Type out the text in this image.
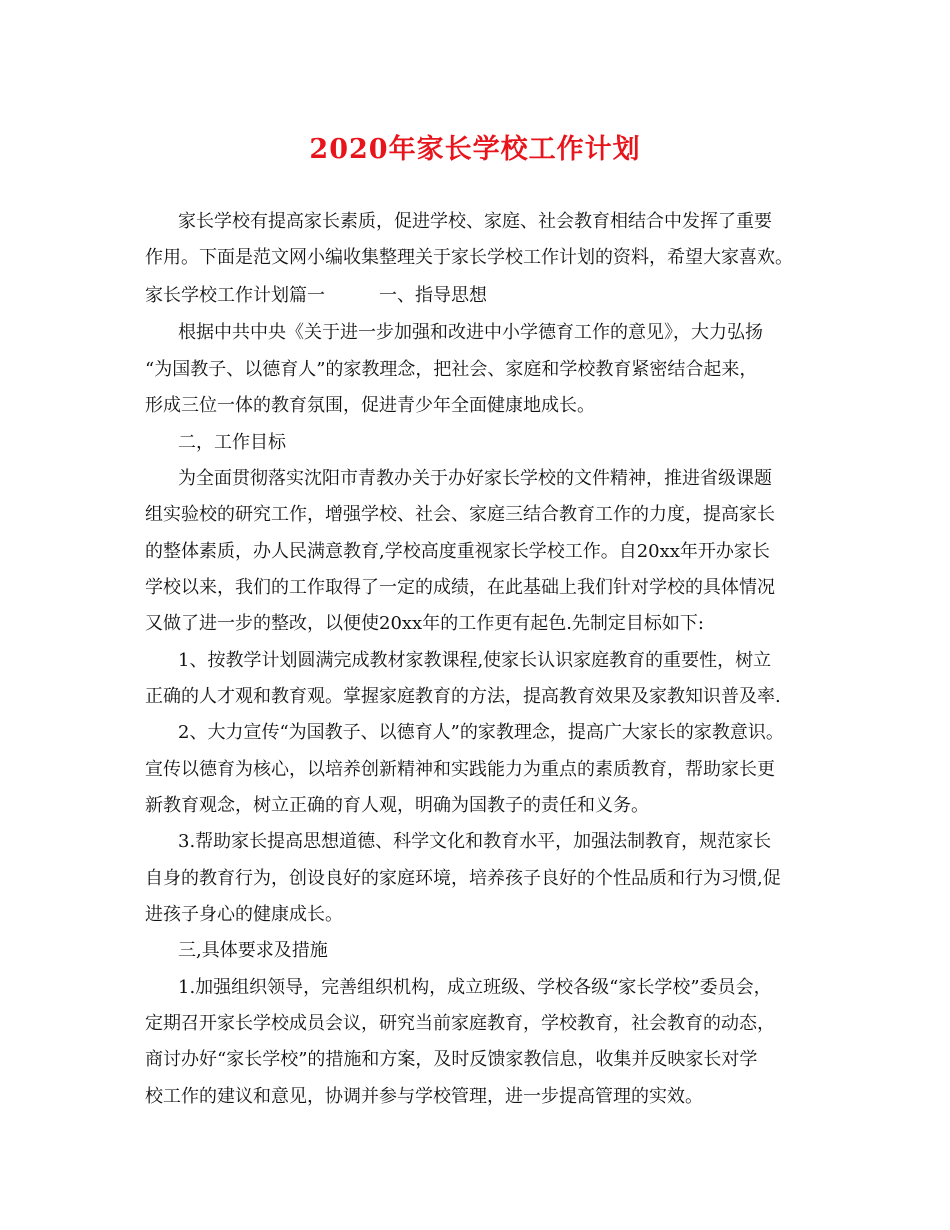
2020年家长学校工作计划

家长学校有提高家长素质，促进学校、家庭、社会教育相结合中发挥了重要

作用。下面是范文网小编收集整理关于家长学校工作计划的资料，希望大家喜欢。

家长学校工作计划篇一　　　一、指导思想

根据中共中央《关于进一步加强和改进中小学德育工作的意见》，大力弘扬

“为国教子、以德育人”的家教理念，把社会、家庭和学校教育紧密结合起来，

形成三位一体的教育氛围，促进青少年全面健康地成长。

二，工作目标

为全面贯彻落实沈阳市青教办关于办好家长学校的文件精神，推进省级课题

组实验校的研究工作，增强学校、社会、家庭三结合教育工作的力度，提高家长

的整体素质，办人民满意教育,学校高度重视家长学校工作。自20xx年开办家长

学校以来，我们的工作取得了一定的成绩，在此基础上我们针对学校的具体情况

又做了进一步的整改，以便使20xx年的工作更有起色.先制定目标如下:

1、按教学计划圆满完成教材家教课程,使家长认识家庭教育的重要性，树立

正确的人才观和教育观。掌握家庭教育的方法，提高教育效果及家教知识普及率.

2、大力宣传“为国教子、以德育人”的家教理念，提高广大家长的家教意识。

宣传以德育为核心，以培养创新精神和实践能力为重点的素质教育，帮助家长更

新教育观念，树立正确的育人观，明确为国教子的责任和义务。

3.帮助家长提高思想道德、科学文化和教育水平，加强法制教育，规范家长

自身的教育行为，创设良好的家庭环境，培养孩子良好的个性品质和行为习惯,促

进孩子身心的健康成长。

三,具体要求及措施

1.加强组织领导，完善组织机构，成立班级、学校各级“家长学校”委员会，

定期召开家长学校成员会议，研究当前家庭教育，学校教育，社会教育的动态，

商讨办好“家长学校”的措施和方案，及时反馈家教信息，收集并反映家长对学

校工作的建议和意见，协调并参与学校管理，进一步提高管理的实效。
